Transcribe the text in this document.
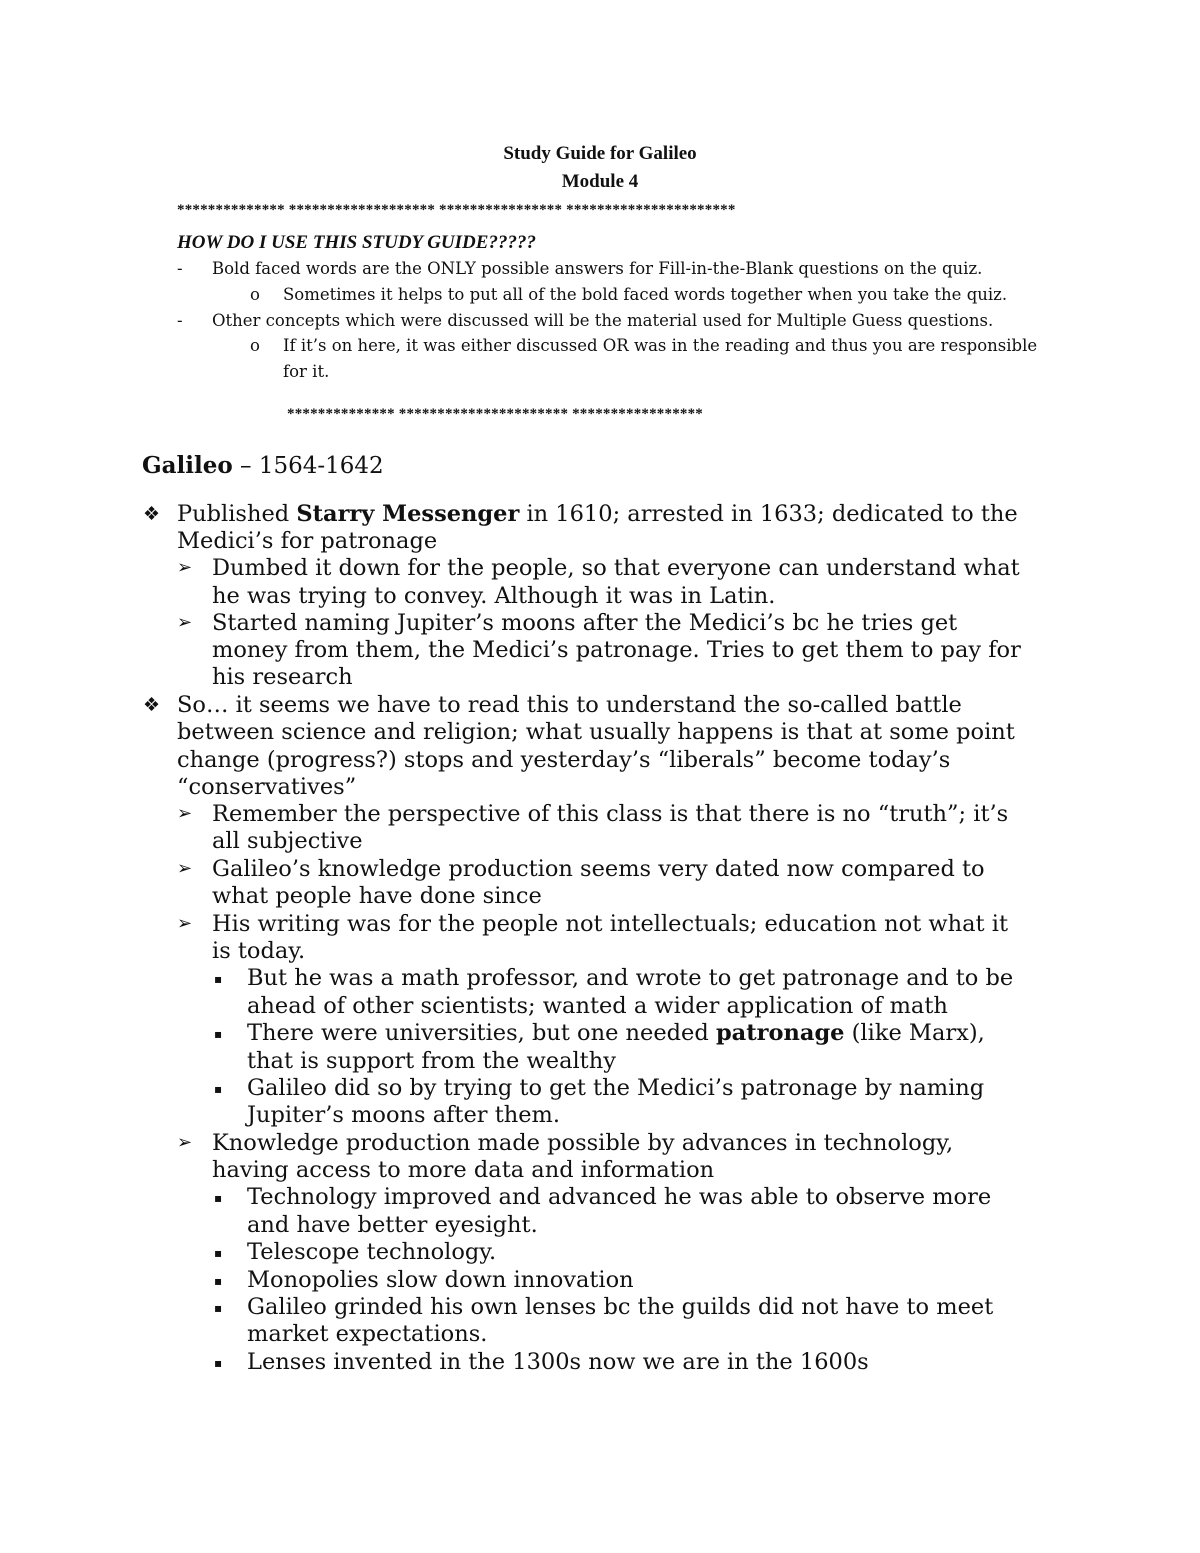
Study Guide for Galileo
Module 4
************** ******************* **************** **********************
HOW DO I USE THIS STUDY GUIDE?????
- Bold faced words are the ONLY possible answers for Fill-in-the-Blank questions on the quiz.
o Sometimes it helps to put all of the bold faced words together when you take the quiz.
- Other concepts which were discussed will be the material used for Multiple Guess questions.
o If it’s on here, it was either discussed OR was in the reading and thus you are responsible
for it.
************** ********************** *****************
Galileo – 1564-1642
❖ Published Starry Messenger in 1610; arrested in 1633; dedicated to the
Medici’s for patronage
➢ Dumbed it down for the people, so that everyone can understand what
he was trying to convey. Although it was in Latin.
➢ Started naming Jupiter’s moons after the Medici’s bc he tries get
money from them, the Medici’s patronage. Tries to get them to pay for
his research
❖ So… it seems we have to read this to understand the so-called battle
between science and religion; what usually happens is that at some point
change (progress?) stops and yesterday’s “liberals” become today’s
“conservatives”
➢ Remember the perspective of this class is that there is no “truth”; it’s
all subjective
➢ Galileo’s knowledge production seems very dated now compared to
what people have done since
➢ His writing was for the people not intellectuals; education not what it
is today.
▪ But he was a math professor, and wrote to get patronage and to be
ahead of other scientists; wanted a wider application of math
▪ There were universities, but one needed patronage (like Marx),
that is support from the wealthy
▪ Galileo did so by trying to get the Medici’s patronage by naming
Jupiter’s moons after them.
➢ Knowledge production made possible by advances in technology,
having access to more data and information
▪ Technology improved and advanced he was able to observe more
and have better eyesight.
▪ Telescope technology.
▪ Monopolies slow down innovation
▪ Galileo grinded his own lenses bc the guilds did not have to meet
market expectations.
▪ Lenses invented in the 1300s now we are in the 1600s
